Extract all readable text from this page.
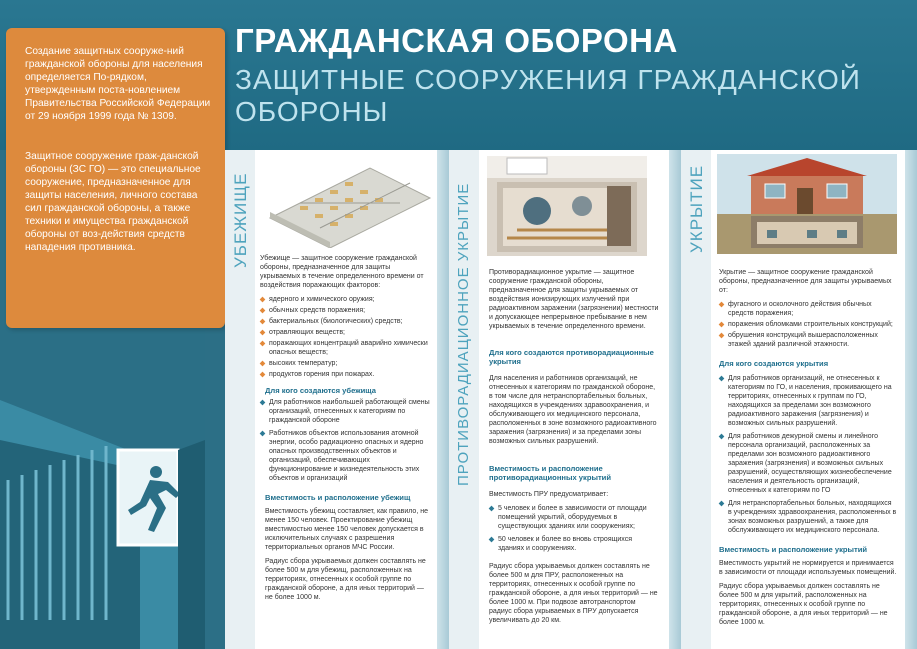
ГРАЖДАНСКАЯ ОБОРОНА
ЗАЩИТНЫЕ СООРУЖЕНИЯ ГРАЖДАНСКОЙ ОБОРОНЫ
Создание защитных сооруже-ний гражданской обороны для населения определяется По-рядком, утвержденным поста-новлением Правительства Российской Федерации от 29 ноября 1999 года № 1309.
Защитное сооружение граж-данской обороны (ЗС ГО) — это специальное сооружение, предназначенное для защиты населения, личного состава сил гражданской обороны, а также техники и имущества гражданской обороны от воз-действия средств нападения противника.	УБЕЖИЩЕ Убежище — защитное сооружение гражданской обороны, предназначенное для защиты укрываемых в течение определенного времени от воздействия поражающих факторов:
ядерного и химического оружия;
обычных средств поражения;
бактериальных (биологических) средств;
отравляющих веществ;
поражающих концентраций аварийно химически опасных веществ;
высоких температур;
продуктов горения при пожарах.
Для кого создаются убежища
Для работников наибольшей работающей смены организаций, отнесенных к категориям по гражданской обороне
Работников объектов использования атомной энергии, особо радиационно опасных и ядерно опасных производственных объектов и организаций, обеспечивающих функционирование и жизнедеятельность этих объектов и организаций
Вместимость и расположение убежищ
Вместимость убежищ составляет, как правило, не менее 150 человек. Проектирование убежищ вместимостью менее 150 человек допускается в исключительных случаях с разрешения территориальных органов МЧС России.
Радиус сбора укрываемых должен составлять не более 500 м для убежищ, расположенных на территориях, отнесенных к особой группе по гражданской обороне, а для иных территорий — не более 1000 м.
ПРОТИВОРАДИАЦИОННОЕ УКРЫТИЕ Противорадиационное укрытие — защитное сооружение гражданской обороны, предназначенное для защиты укрываемых от воздействия ионизирующих излучений при радиоактивном заражении (загрязнении) местности и допускающее непрерывное пребывание в нем укрываемых в течение определенного времени.
Для кого создаются противорадиационные укрытия
Для населения и работников организаций, не отнесенных к категориям по гражданской обороне, в том числе для нетранспортабельных больных, находящихся в учреждениях здравоохранения, и обслуживающего их медицинского персонала, расположенных в зоне возможного радиоактивного заражения (загрязнения) и за пределами зоны возможных сильных разрушений.
Вместимость и расположение противорадиационных укрытий
Вместимость ПРУ предусматривает:
5 человек и более в зависимости от площади помещений укрытий, оборудуемых в существующих зданиях или сооружениях;
50 человек и более во вновь строящихся зданиях и сооружениях.
Радиус сбора укрываемых должен составлять не более 500 м для ПРУ, расположенных на территориях, отнесенных к особой группе по гражданской обороне, а для иных территорий — не более 1000 м. При подвозе автотранспортом радиус сбора укрываемых в ПРУ допускается увеличивать до 20 км.
УКРЫТИЕ
Укрытие — защитное сооружение гражданской обороны, предназначенное для защиты укрываемых от:
фугасного и осколочного действия обычных средств поражения;
поражения обломками строительных конструкций;
обрушения конструкций вышерасположенных этажей зданий различной этажности.
Для кого создаются укрытия
Для работников организаций, не отнесенных к категориям по ГО, и населения, проживающего на территориях, отнесенных к группам по ГО, находящихся за пределами зон возможного радиоактивного заражения (загрязнения) и возможных сильных разрушений.
Для работников дежурной смены и линейного персонала организаций, расположенных за пределами зон возможного радиоактивного заражения (загрязнения) и возможных сильных разрушений, осуществляющих жизнеобеспечение населения и деятельность организаций, отнесенных к категориям по ГО
Для нетранспортабельных больных, находящихся в учреждениях здравоохранения, расположенных в зонах возможных разрушений, а также для обслуживающего их медицинского персонала.
Вместимость и расположение укрытий
Вместимость укрытий не нормируется и принимается в зависимости от площади используемых помещений.
Радиус сбора укрываемых должен составлять не более 500 м для укрытий, расположенных на территориях, отнесенных к особой группе по гражданской обороне, а для иных территорий — не более 1000 м.
